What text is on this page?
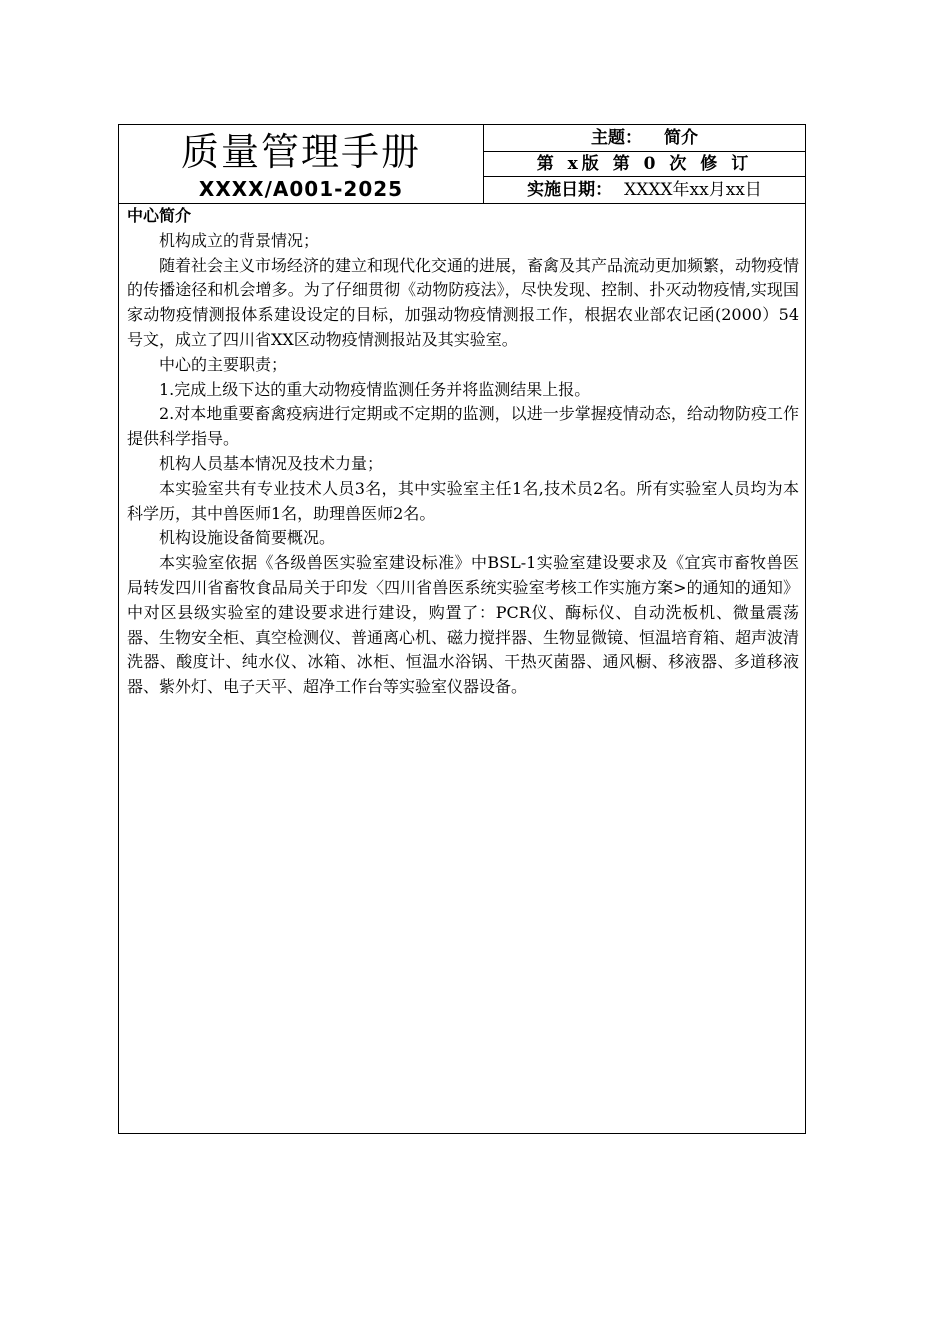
质量管理手册
XXXX/A001-2025
主题： 简介
第 x版 第 0 次 修 订
实施日期： XXXX年xx月xx日
中心简介

机构成立的背景情况；

随着社会主义市场经济的建立和现代化交通的进展，畜禽及其产品流动更加频繁，动物疫情的传播途径和机会增多。为了仔细贯彻《动物防疫法》，尽快发现、控制、扑灭动物疫情,实现国家动物疫情测报体系建设设定的目标，加强动物疫情测报工作，根据农业部农记函(2000）54号文，成立了四川省XX区动物疫情测报站及其实验室。

中心的主要职责；

1.完成上级下达的重大动物疫情监测任务并将监测结果上报。

2.对本地重要畜禽疫病进行定期或不定期的监测，以进一步掌握疫情动态，给动物防疫工作提供科学指导。

机构人员基本情况及技术力量；

本实验室共有专业技术人员3名，其中实验室主任1名,技术员2名。所有实验室人员均为本科学历，其中兽医师1名，助理兽医师2名。

机构设施设备简要概况。

本实验室依据《各级兽医实验室建设标准》中BSL-1实验室建设要求及《宜宾市畜牧兽医局转发四川省畜牧食品局关于印发〈四川省兽医系统实验室考核工作实施方案>的通知的通知》中对区县级实验室的建设要求进行建设，购置了：PCR仪、酶标仪、自动洗板机、微量震荡器、生物安全柜、真空检测仪、普通离心机、磁力搅拌器、生物显微镜、恒温培育箱、超声波清洗器、酸度计、纯水仪、冰箱、冰柜、恒温水浴锅、干热灭菌器、通风橱、移液器、多道移液器、紫外灯、电子天平、超净工作台等实验室仪器设备。
